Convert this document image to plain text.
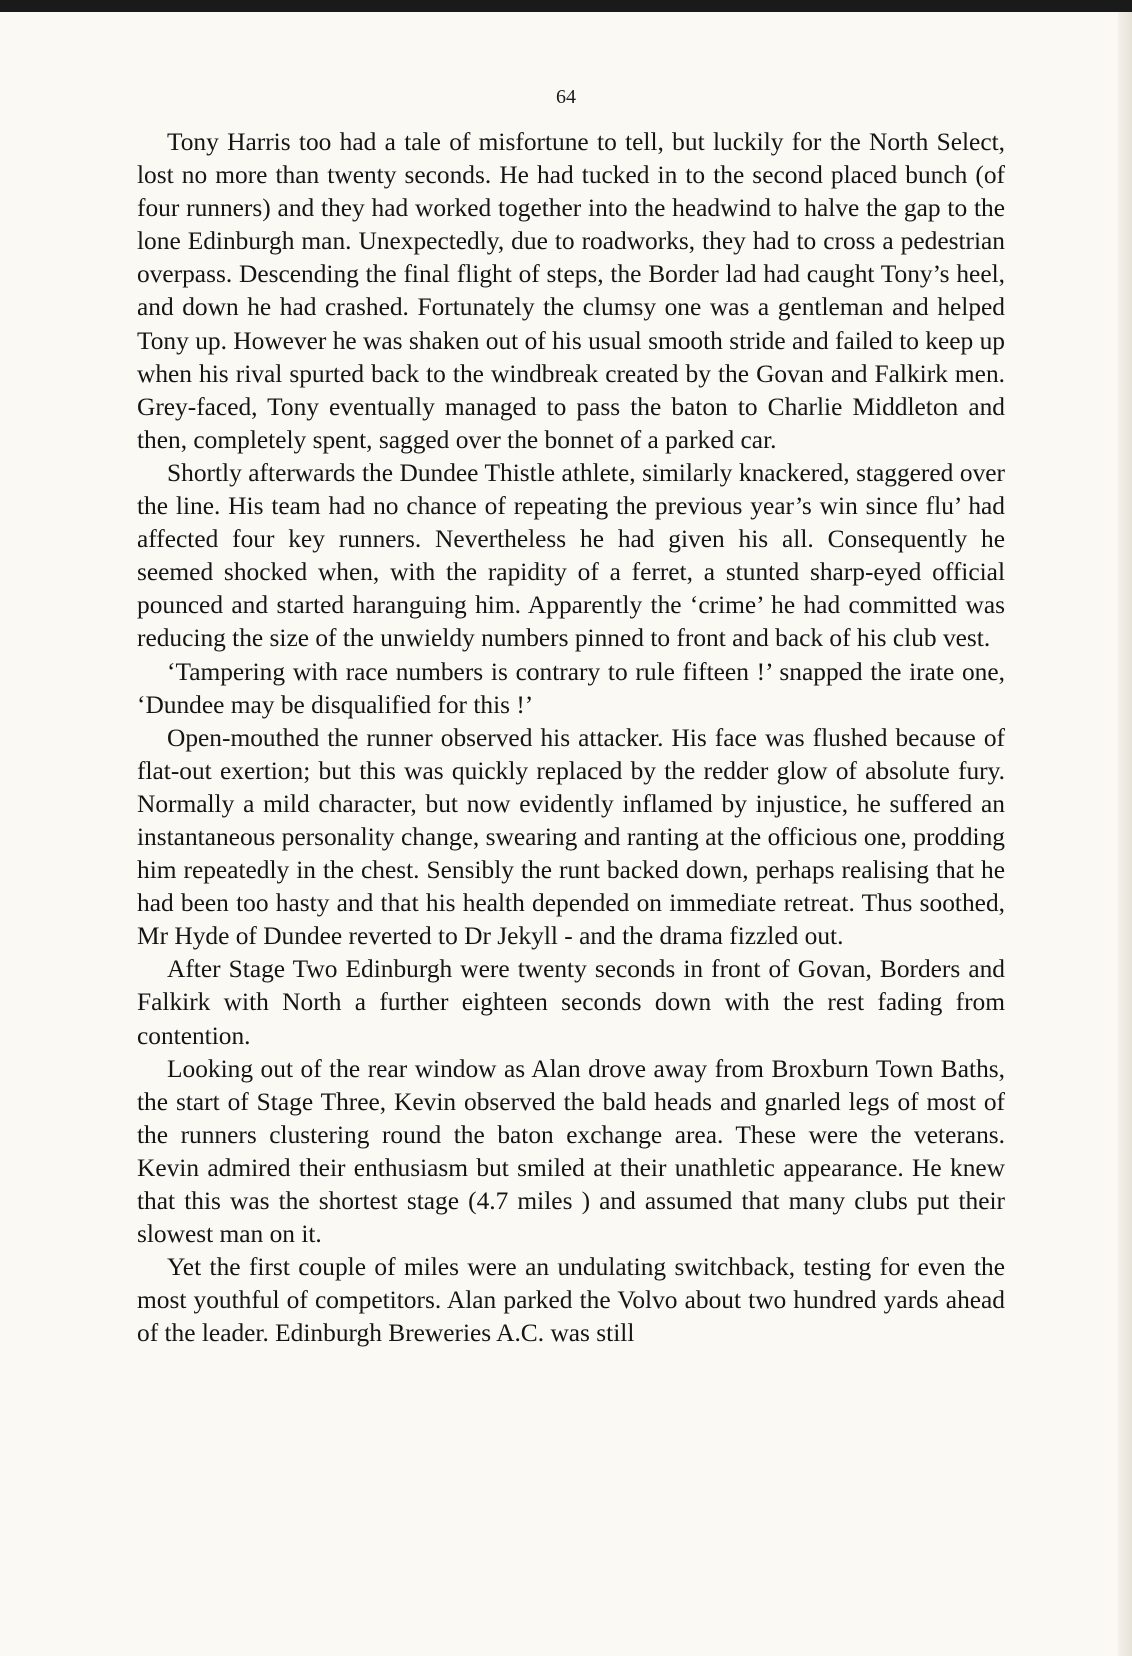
64

Tony Harris too had a tale of misfortune to tell, but luckily for the North Select, lost no more than twenty seconds. He had tucked in to the second placed bunch (of four runners) and they had worked together into the headwind to halve the gap to the lone Edinburgh man. Unexpectedly, due to roadworks, they had to cross a pedestrian overpass. Descending the final flight of steps, the Border lad had caught Tony’s heel, and down he had crashed. Fortunately the clumsy one was a gentleman and helped Tony up. However he was shaken out of his usual smooth stride and failed to keep up when his rival spurted back to the windbreak created by the Govan and Falkirk men. Grey-faced, Tony eventually managed to pass the baton to Charlie Middleton and then, completely spent, sagged over the bonnet of a parked car.

Shortly afterwards the Dundee Thistle athlete, similarly knackered, staggered over the line. His team had no chance of repeating the previous year’s win since flu’ had affected four key runners. Nevertheless he had given his all. Consequently he seemed shocked when, with the rapidity of a ferret, a stunted sharp-eyed official pounced and started haranguing him. Apparently the ‘crime’ he had committed was reducing the size of the unwieldy numbers pinned to front and back of his club vest.

‘Tampering with race numbers is contrary to rule fifteen !’ snapped the irate one, ‘Dundee may be disqualified for this !’

Open-mouthed the runner observed his attacker. His face was flushed because of flat-out exertion; but this was quickly replaced by the redder glow of absolute fury. Normally a mild character, but now evidently inflamed by injustice, he suffered an instantaneous personality change, swearing and ranting at the officious one, prodding him repeatedly in the chest. Sensibly the runt backed down, perhaps realising that he had been too hasty and that his health depended on immediate retreat. Thus soothed, Mr Hyde of Dundee reverted to Dr Jekyll - and the drama fizzled out.

After Stage Two Edinburgh were twenty seconds in front of Govan, Borders and Falkirk with North a further eighteen seconds down with the rest fading from contention.

Looking out of the rear window as Alan drove away from Broxburn Town Baths, the start of Stage Three, Kevin observed the bald heads and gnarled legs of most of the runners clustering round the baton exchange area. These were the veterans. Kevin admired their enthusiasm but smiled at their unathletic appearance. He knew that this was the shortest stage (4.7 miles ) and assumed that many clubs put their slowest man on it.

Yet the first couple of miles were an undulating switchback, testing for even the most youthful of competitors. Alan parked the Volvo about two hundred yards ahead of the leader. Edinburgh Breweries A.C. was still
